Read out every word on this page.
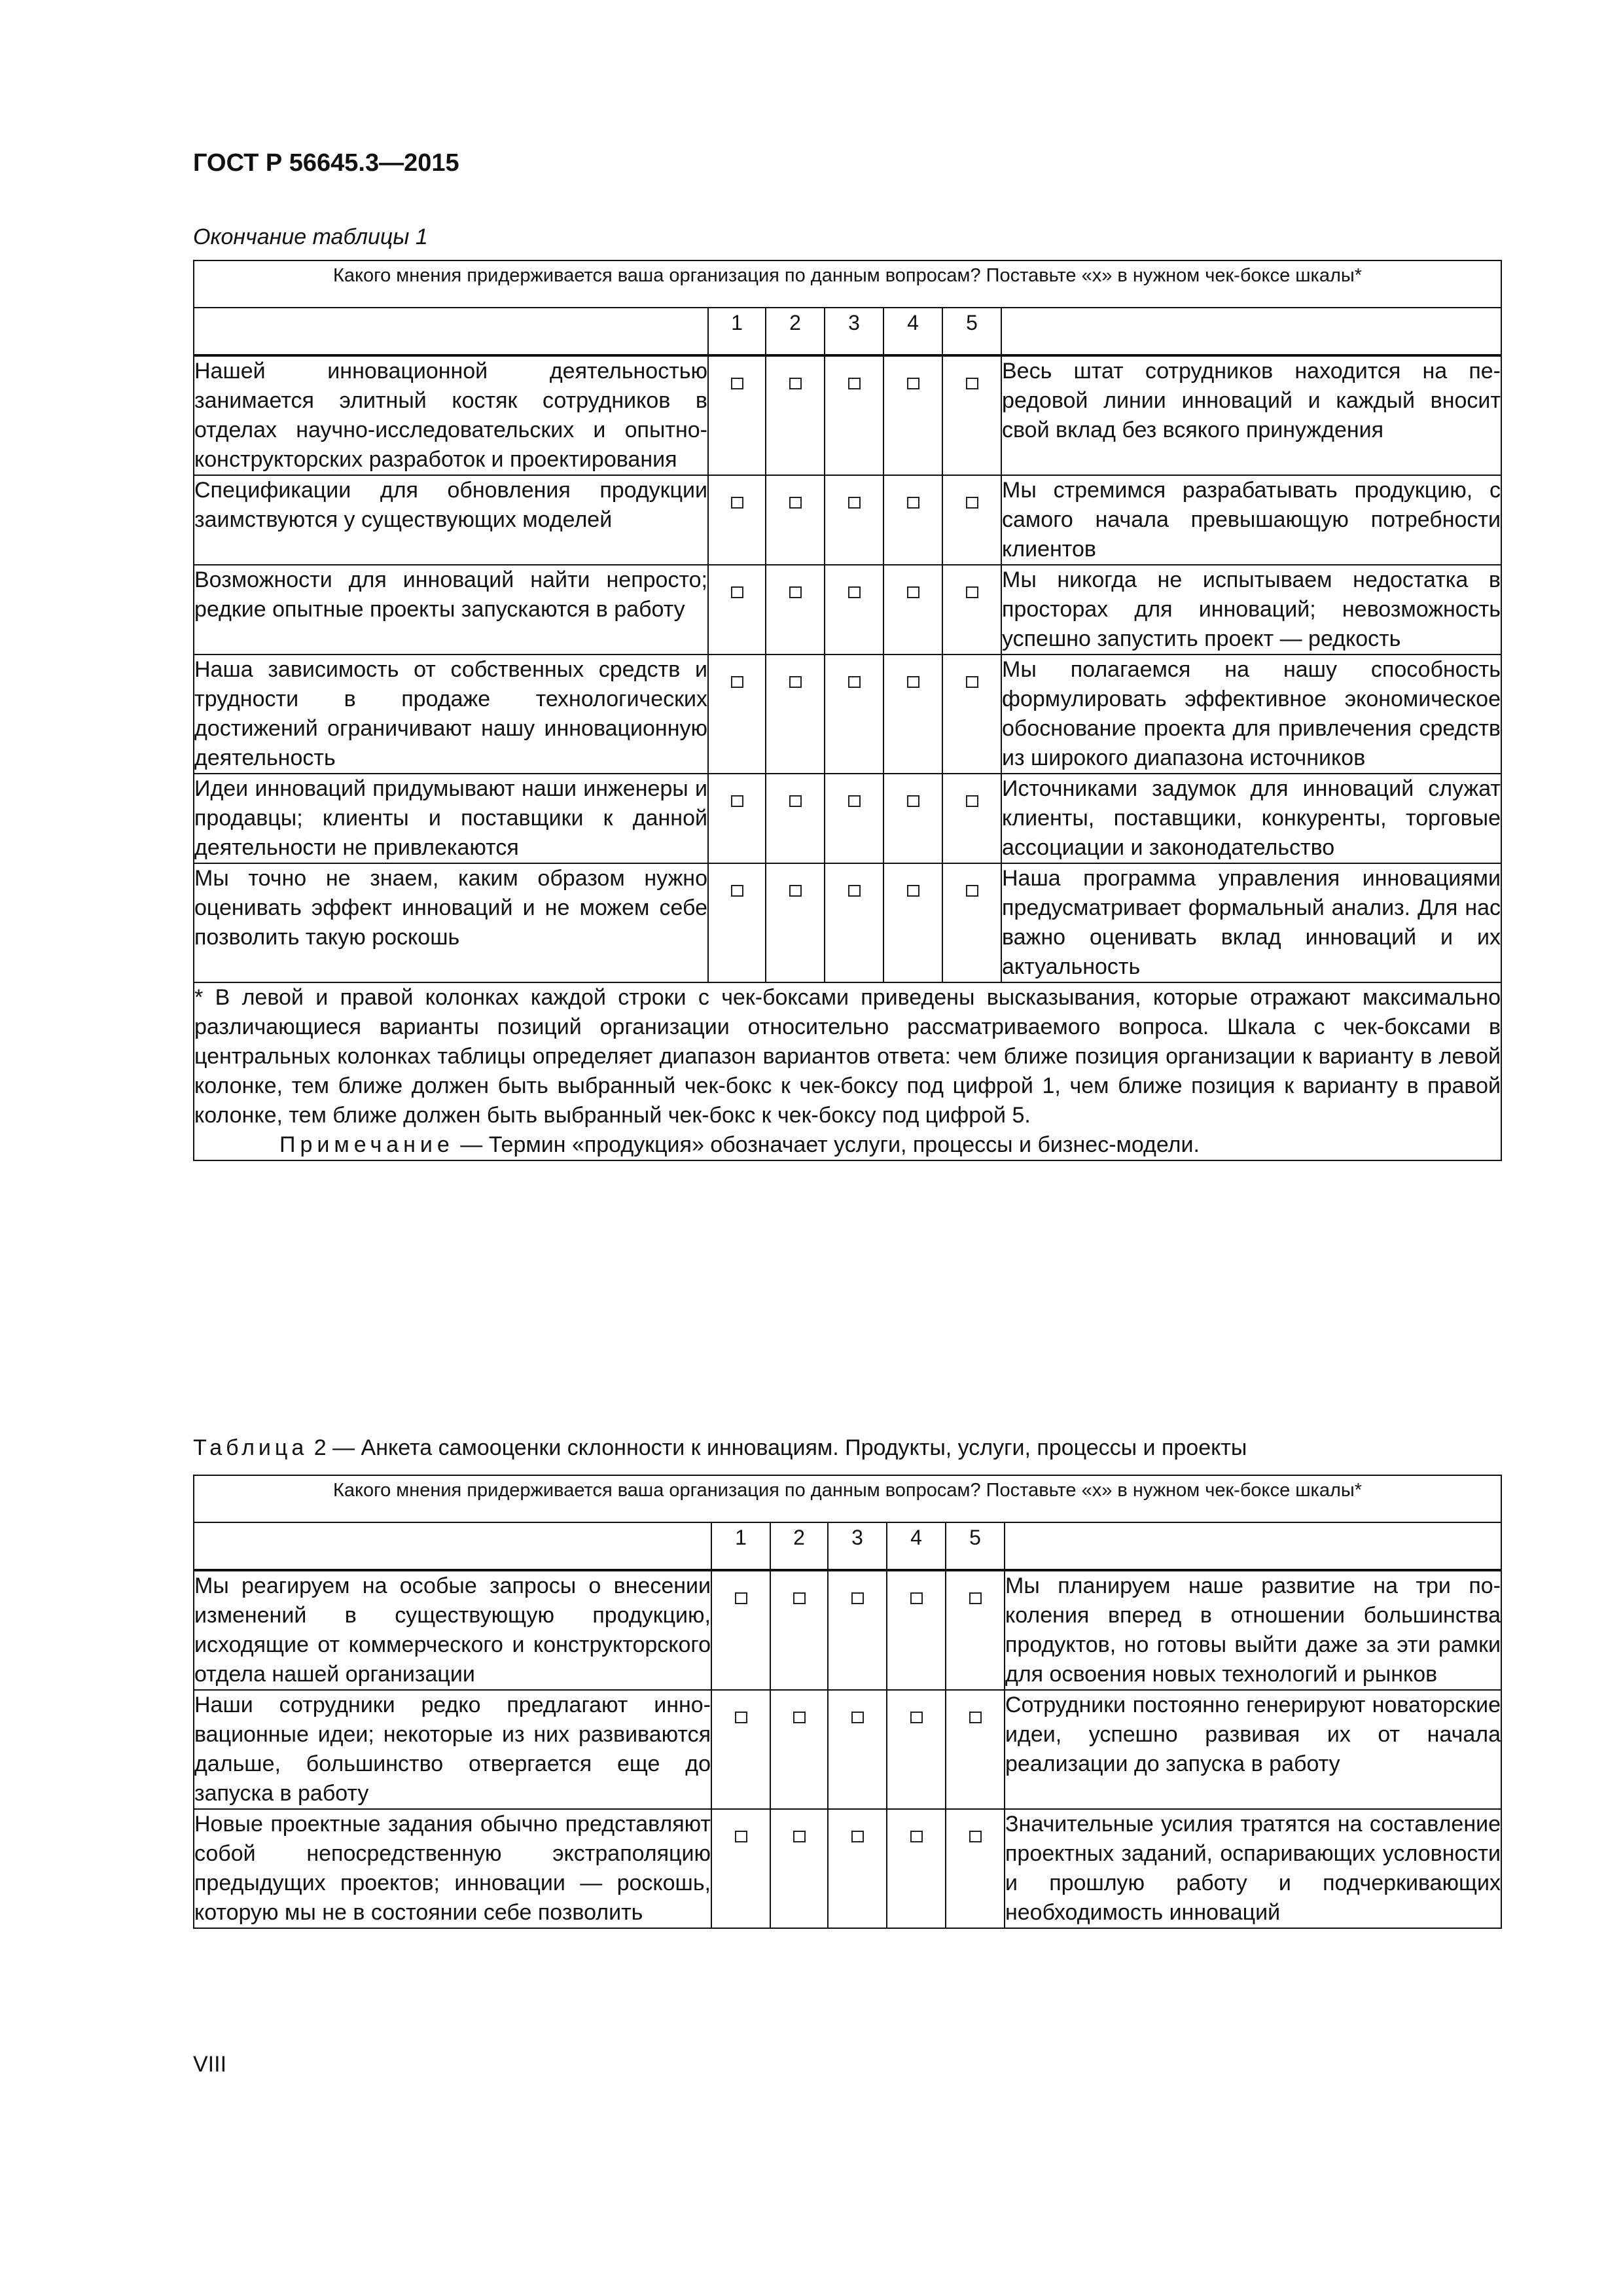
ГОСТ Р 56645.3—2015
Окончание таблицы 1
Какого мнения придерживается ваша организация по данным вопросам? Поставьте «х» в нужном чек-боксе шкалы*						
	1	2	3	4	5	
Нашей инновационной деятельностью занимается элитный костяк сотрудников в отделах научно-исследовательских и опытно-конструкторских разработок и проектирования						Весь штат сотрудников находится на передовой линии инноваций и каждый вносит свой вклад без всякого принуждения
Спецификации для обновления продукции заимствуются у существующих моделей						Мы стремимся разрабатывать продукцию, с самого начала превышающую потребности клиентов
Возможности для инноваций найти непросто; редкие опытные проекты запускаются в работу						Мы никогда не испытываем недостатка в просторах для инноваций; невозможность успешно запустить проект — редкость
Наша зависимость от собственных средств и трудности в продаже технологических достижений ограничивают нашу инновационную деятельность						Мы полагаемся на нашу способность формулировать эффективное экономическое обоснование проекта для привлечения средств из широкого диапазона источников
Идеи инноваций придумывают наши инженеры и продавцы; клиенты и поставщики к данной деятельности не привлекаются						Источниками задумок для инноваций служат клиенты, поставщики, конкуренты, торговые ассоциации и законодательство
Мы точно не знаем, каким образом нужно оценивать эффект инноваций и не можем себе позволить такую роскошь						Наша программа управления инновациями предусматривает формальный анализ. Для нас важно оценивать вклад инноваций и их актуальность

* В левой и правой колонках каждой строки с чек-боксами приведены высказывания, которые отражают максимально различающиеся варианты позиций организации относительно рассматриваемого вопроса. Шкала с чек-боксами в центральных колонках таблицы определяет диапазон вариантов ответа: чем ближе позиция организации к варианту в левой колонке, тем ближе должен быть выбранный чек-бокс к чек-боксу под цифрой 1, чем ближе позиция к варианту в правой колонке, тем ближе должен быть выбранный чек-бокс к чек-боксу под цифрой 5.
Примечание — Термин «продукция» обозначает услуги, процессы и бизнес-модели.						
Таблица 2 — Анкета самооценки склонности к инновациям. Продукты, услуги, процессы и проекты
Какого мнения придерживается ваша организация по данным вопросам? Поставьте «х» в нужном чек-боксе шкалы*						
	1	2	3	4	5	
Мы реагируем на особые запросы о внесении изменений в существующую продукцию, исходящие от коммерческого и конструкторского отдела нашей организации						Мы планируем наше развитие на три поколения вперед в отношении большинства продуктов, но готовы выйти даже за эти рамки для освоения новых технологий и рынков
Наши сотрудники редко предлагают инновационные идеи; некоторые из них развиваются дальше, большинство отвергается еще до запуска в работу						Сотрудники постоянно генерируют новаторские идеи, успешно развивая их от начала реализации до запуска в работу
Новые проектные задания обычно представляют собой непосредственную экстраполяцию предыдущих проектов; инновации — роскошь, которую мы не в состоянии себе позволить						Значительные усилия тратятся на составление проектных заданий, оспаривающих условности и прошлую работу и подчеркивающих необходимость инноваций
VIII
